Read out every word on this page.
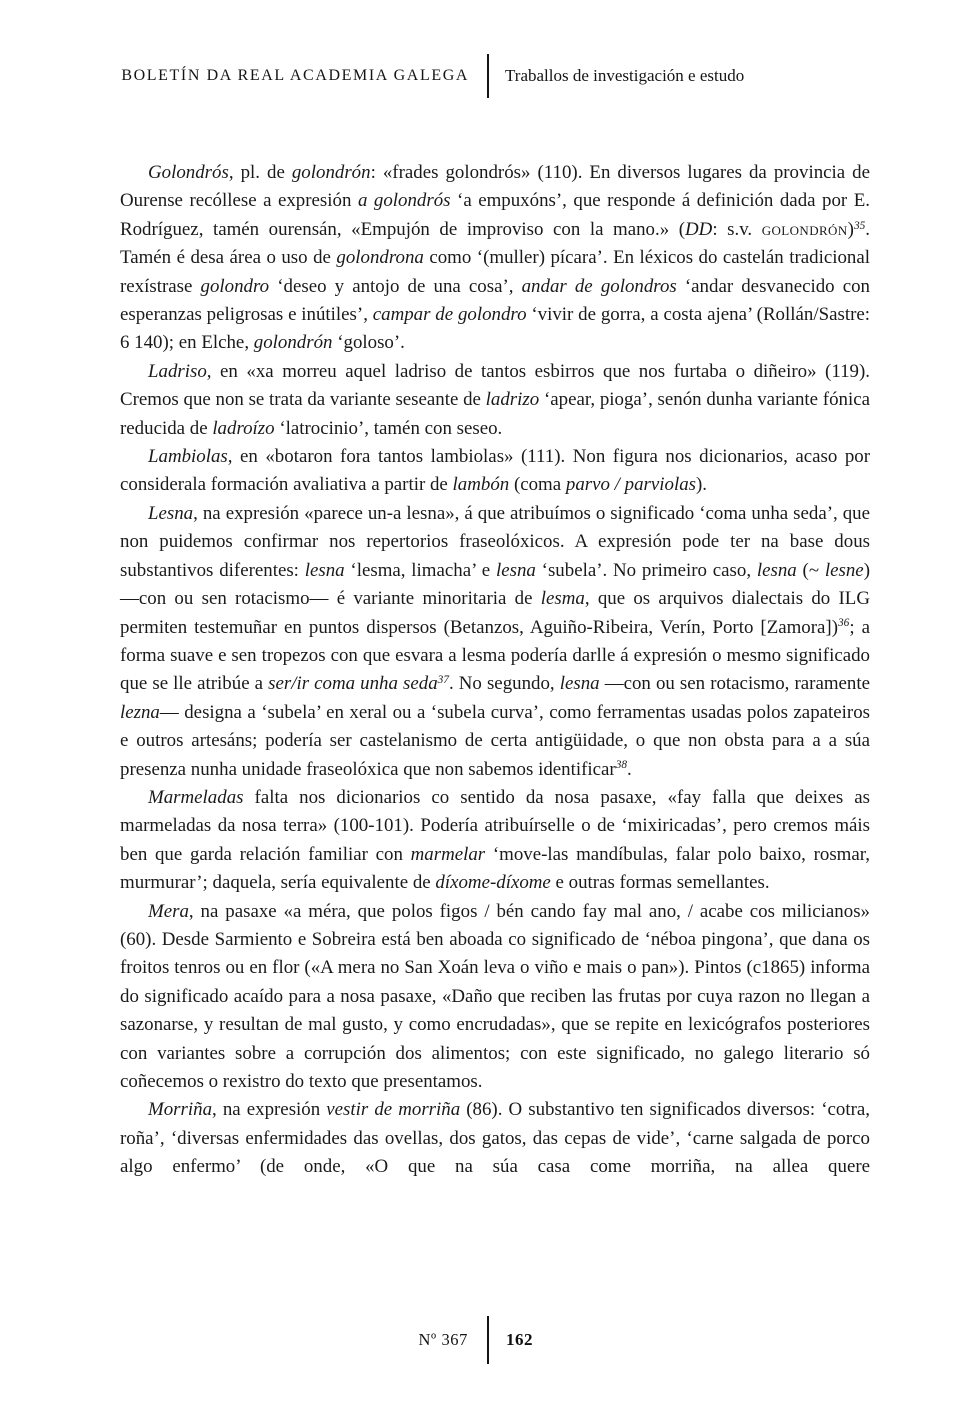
BOLETÍN DA REAL ACADEMIA GALEGA Traballos de investigación e estudo

Golondrós, pl. de golondrón: «frades golondrós» (110). En diversos lugares da provincia de Ourense recóllese a expresión a golondrós ‘a empuxóns’, que responde á definición dada por E. Rodríguez, tamén ourensán, «Empujón de improviso con la mano.» (DD: s.v. golondrón)$^{35}$. Tamén é desa área o uso de golondrona como ‘(muller) pícara’. En léxicos do castelán tradicional rexístrase golondro ‘deseo y antojo de una cosa’, andar de golondros ‘andar desvanecido con esperanzas peligrosas e inútiles’, campar de golondro ‘vivir de gorra, a costa ajena’ (Rollán/Sastre: 6 140); en Elche, golondrón ‘goloso’.

Ladriso, en «xa morreu aquel ladriso de tantos esbirros que nos furtaba o diñeiro» (119). Cremos que non se trata da variante seseante de ladrizo ‘apear, pioga’, senón dunha variante fónica reducida de ladroízo ‘latrocinio’, tamén con seseo.

Lambiolas, en «botaron fora tantos lambiolas» (111). Non figura nos dicionarios, acaso por considerala formación avaliativa a partir de lambón (coma parvo / parviolas).

Lesna, na expresión «parece un-a lesna», á que atribuímos o significado ‘coma unha seda’, que non puidemos confirmar nos repertorios fraseolóxicos. A expresión pode ter na base dous substantivos diferentes: lesna ‘lesma, limacha’ e lesna ‘subela’. No primeiro caso, lesna (~ lesne) —con ou sen rotacismo— é variante minoritaria de lesma, que os arquivos dialectais do ILG permiten testemuñar en puntos dispersos (Betanzos, Aguiño-Ribeira, Verín, Porto [Zamora])$^{36}$; a forma suave e sen tropezos con que esvara a lesma podería darlle á expresión o mesmo significado que se lle atribúe a ser/ir coma unha seda$^{37}$. No segundo, lesna —con ou sen rotacismo, raramente lezna— designa a ‘subela’ en xeral ou a ‘subela curva’, como ferramentas usadas polos zapateiros e outros artesáns; podería ser castelanismo de certa antigüidade, o que non obsta para a a súa presenza nunha unidade fraseolóxica que non sabemos identificar$^{38}$.

Marmeladas falta nos dicionarios co sentido da nosa pasaxe, «fay falla que deixes as marmeladas da nosa terra» (100-101). Podería atribuírselle o de ‘mixiricadas’, pero cremos máis ben que garda relación familiar con marmelar ‘move-las mandíbulas, falar polo baixo, rosmar, murmurar’; daquela, sería equivalente de díxome-díxome e outras formas semellantes.

Mera, na pasaxe «a méra, que polos figos / bén cando fay mal ano, / acabe cos milicianos» (60). Desde Sarmiento e Sobreira está ben aboada co significado de ‘néboa pingona’, que dana os froitos tenros ou en flor («A mera no San Xoán leva o viño e mais o pan»). Pintos (c1865) informa do significado acaído para a nosa pasaxe, «Daño que reciben las frutas por cuya razon no llegan a sazonarse, y resultan de mal gusto, y como encrudadas», que se repite en lexicógrafos posteriores con variantes sobre a corrupción dos alimentos; con este significado, no galego literario só coñecemos o rexistro do texto que presentamos.

Morriña, na expresión vestir de morriña (86). O substantivo ten significados diversos: ‘cotra, roña’, ‘diversas enfermidades das ovellas, dos gatos, das cepas de vide’, ‘carne salgada de porco algo enfermo’ (de onde, «O que na súa casa come morriña, na allea quere

Nº 367 162
